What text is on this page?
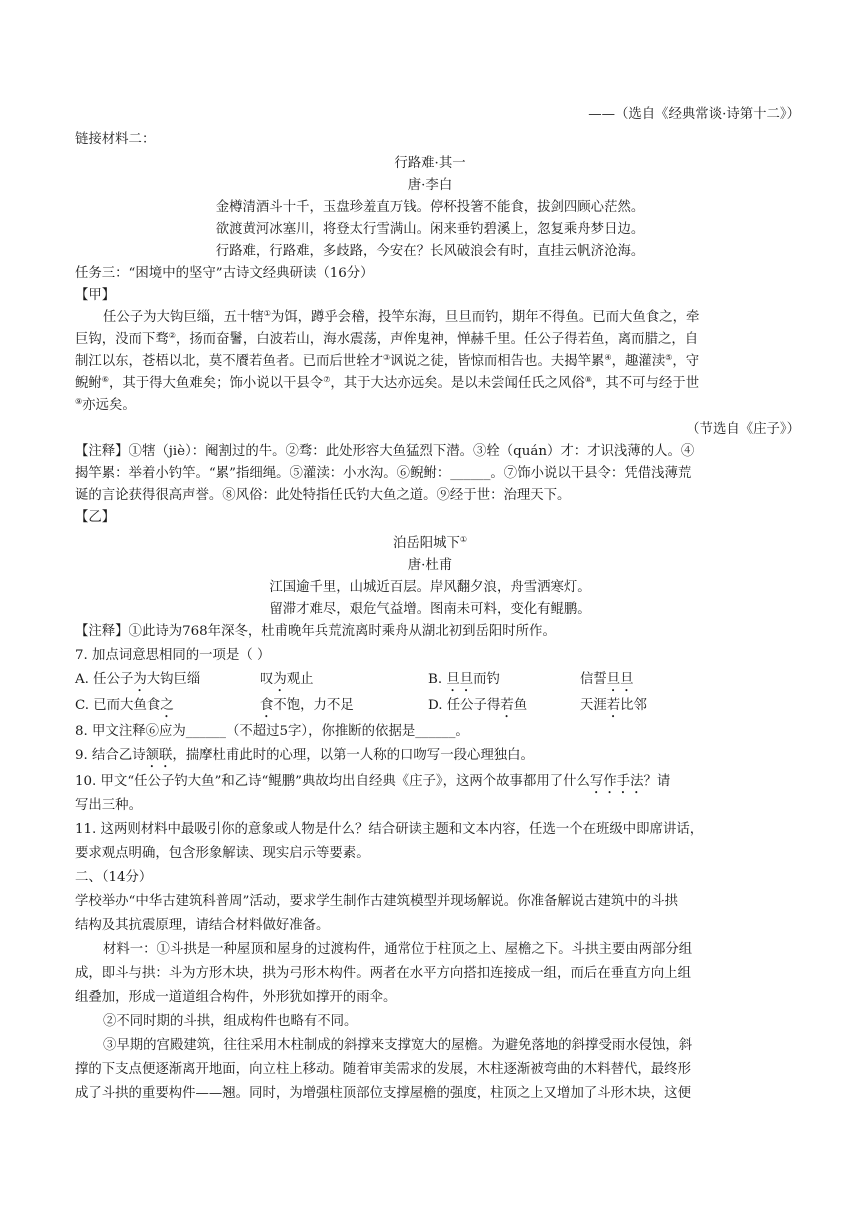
——（选自《经典常谈·诗第十二》）
链接材料二：
行路难·其一
唐·李白
金樽清酒斗十千，玉盘珍羞直万钱。停杯投箸不能食，拔剑四顾心茫然。
欲渡黄河冰塞川，将登太行雪满山。闲来垂钓碧溪上，忽复乘舟梦日边。
行路难，行路难，多歧路，今安在？长风破浪会有时，直挂云帆济沧海。
任务三：“困境中的坚守”古诗文经典研读（16分）
【甲】
任公子为大钩巨缁，五十犗①为饵，蹲乎会稽，投竿东海，旦旦而钓，期年不得鱼。已而大鱼食之，牵
巨钩，没而下骛②，扬而奋鬐，白波若山，海水震荡，声侔鬼神，惮赫千里。任公子得若鱼，离而腊之，自
制江以东，苍梧以北，莫不餍若鱼者。已而后世辁才③讽说之徒，皆惊而相告也。夫揭竿累④，趣灌渎⑤，守
鲵鲋⑥，其于得大鱼难矣；饰小说以干县令⑦，其于大达亦远矣。是以未尝闻任氏之风俗⑧，其不可与经于世
⑨亦远矣。
（节选自《庄子》）
【注释】①犗（jiè）：阉割过的牛。②骛：此处形容大鱼猛烈下潜。③辁（quán）才：才识浅薄的人。④
揭竿累：举着小钓竿。“累”指细绳。⑤灌渎：小水沟。⑥鲵鲋：______。⑦饰小说以干县令：凭借浅薄荒
诞的言论获得很高声誉。⑧风俗：此处特指任氏钓大鱼之道。⑨经于世：治理天下。
【乙】
泊岳阳城下①
唐·杜甫
江国逾千里，山城近百层。岸风翻夕浪，舟雪洒寒灯。
留滞才难尽，艰危气益增。图南未可料，变化有鲲鹏。
【注释】①此诗为768年深冬，杜甫晚年兵荒流离时乘舟从湖北初到岳阳时所作。
7. 加点词意思相同的一项是（ ）
A. 任公子为大钩巨缁	叹为观止	B. 旦旦而钓	信誓旦旦
C. 已而大鱼食之	食不饱，力不足	D. 任公子得若鱼	天涯若比邻
8. 甲文注释⑥应为______（不超过5字），你推断的依据是______。
9. 结合乙诗颔联，揣摩杜甫此时的心理，以第一人称的口吻写一段心理独白。
10. 甲文“任公子钓大鱼”和乙诗“鲲鹏”典故均出自经典《庄子》，这两个故事都用了什么写作手法？请
写出三种。
11. 这两则材料中最吸引你的意象或人物是什么？结合研读主题和文本内容，任选一个在班级中即席讲话，
要求观点明确，包含形象解读、现实启示等要素。
二、（14分）
学校举办“中华古建筑科普周”活动，要求学生制作古建筑模型并现场解说。你准备解说古建筑中的斗拱
结构及其抗震原理，请结合材料做好准备。
材料一：①斗拱是一种屋顶和屋身的过渡构件，通常位于柱顶之上、屋檐之下。斗拱主要由两部分组
成，即斗与拱：斗为方形木块，拱为弓形木构件。两者在水平方向搭扣连接成一组，而后在垂直方向上组
组叠加，形成一道道组合构件，外形犹如撑开的雨伞。
②不同时期的斗拱，组成构件也略有不同。
③早期的宫殿建筑，往往采用木柱制成的斜撑来支撑宽大的屋檐。为避免落地的斜撑受雨水侵蚀，斜
撑的下支点便逐渐离开地面，向立柱上移动。随着审美需求的发展，木柱逐渐被弯曲的木料替代，最终形
成了斗拱的重要构件——翘。同时，为增强柱顶部位支撑屋檐的强度，柱顶之上又增加了斗形木块，这便
